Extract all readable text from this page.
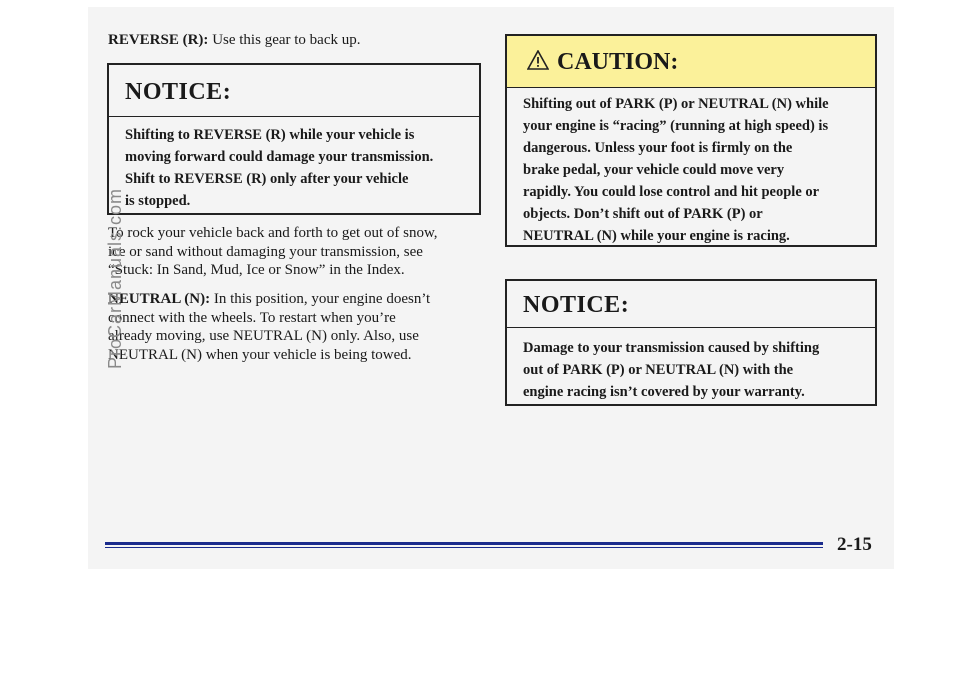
REVERSE (R): Use this gear to back up.
NOTICE:
Shifting to REVERSE (R) while your vehicle is
moving forward could damage your transmission.
Shift to REVERSE (R) only after your vehicle
is stopped.
To rock your vehicle back and forth to get out of snow,
ice or sand without damaging your transmission, see
“Stuck: In Sand, Mud, Ice or Snow” in the Index.
NEUTRAL (N): In this position, your engine doesn’t
connect with the wheels. To restart when you’re
already moving, use NEUTRAL (N) only. Also, use
NEUTRAL (N) when your vehicle is being towed.
CAUTION:
Shifting out of PARK (P) or NEUTRAL (N) while
your engine is “racing” (running at high speed) is
dangerous. Unless your foot is firmly on the
brake pedal, your vehicle could move very
rapidly. You could lose control and hit people or
objects. Don’t shift out of PARK (P) or
NEUTRAL (N) while your engine is racing.
NOTICE:
Damage to your transmission caused by shifting
out of PARK (P) or NEUTRAL (N) with the
engine racing isn’t covered by your warranty.
2-15
ProCarManuals.com
